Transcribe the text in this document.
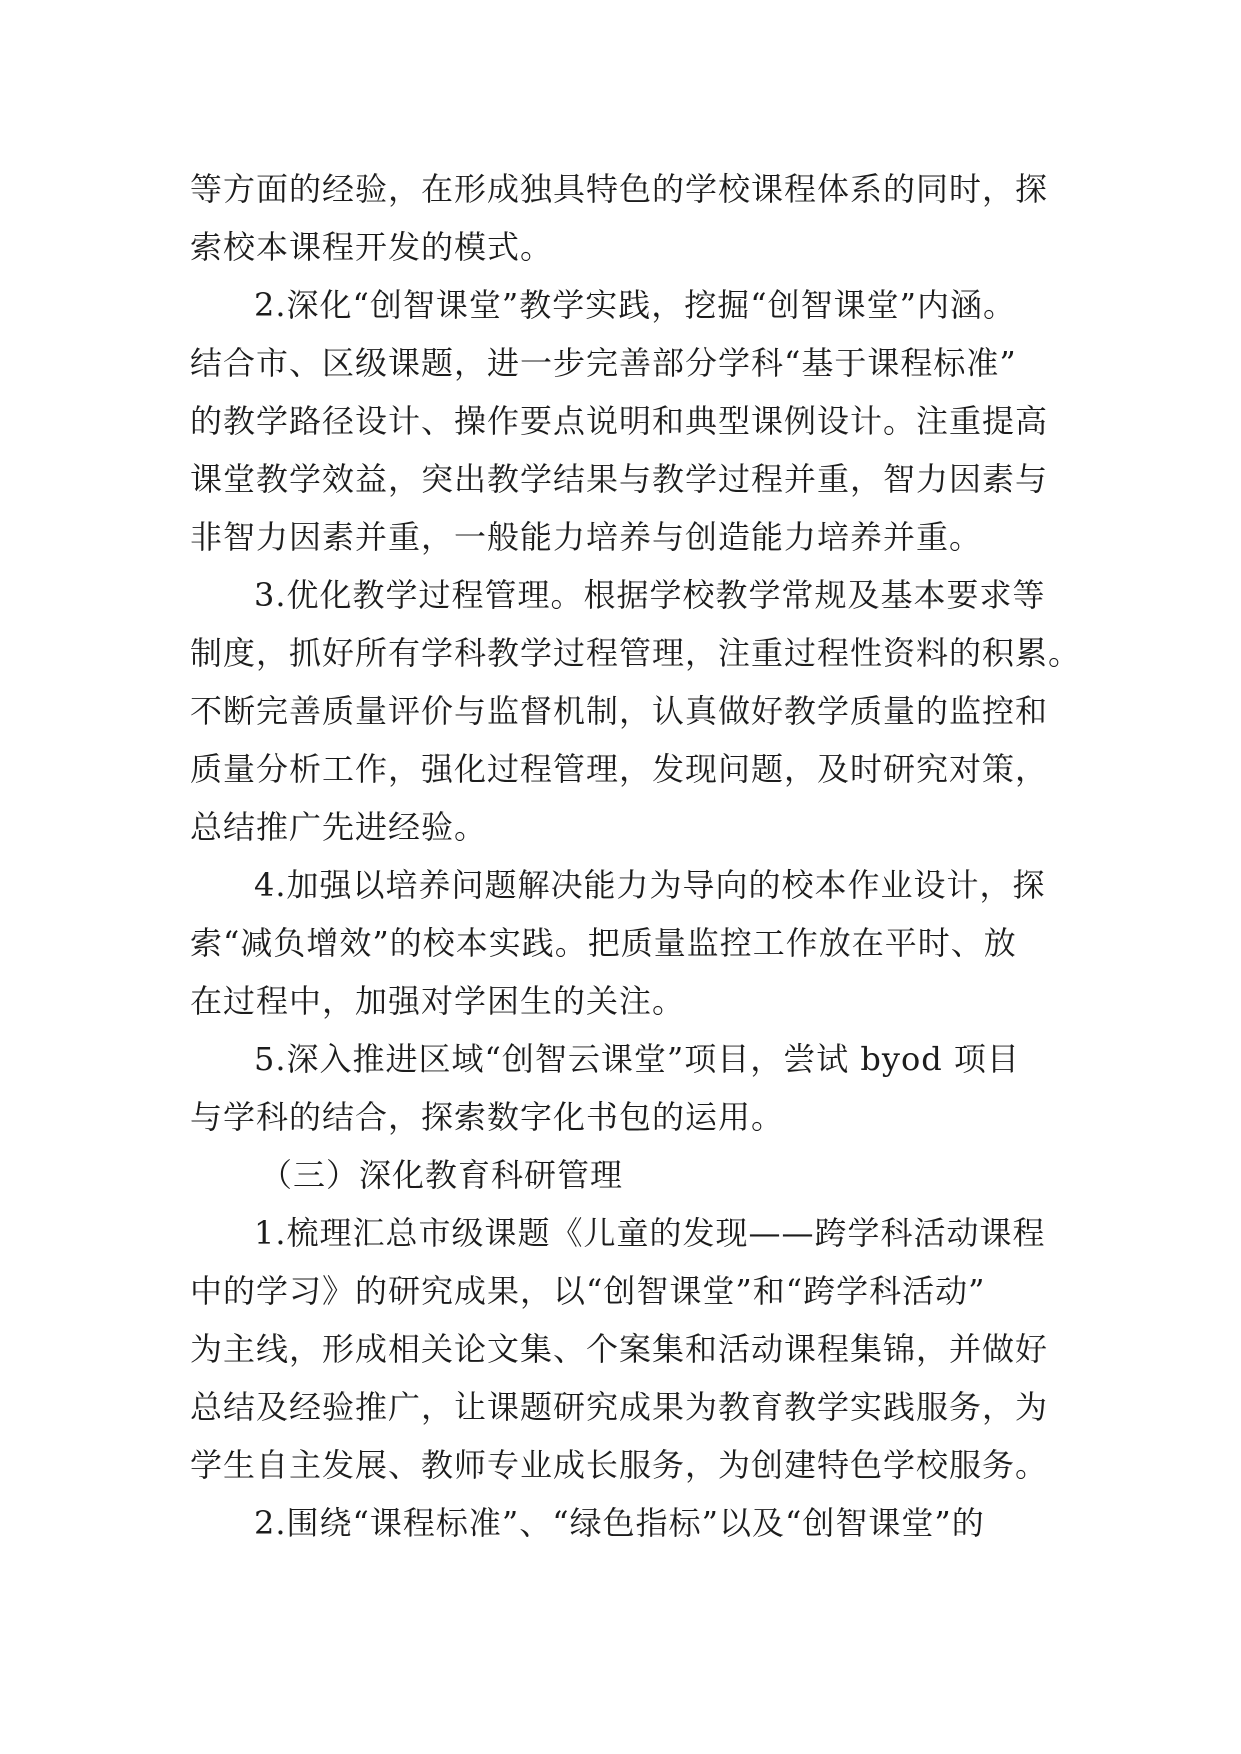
等方面的经验，在形成独具特色的学校课程体系的同时，探
索校本课程开发的模式。
2.深化“创智课堂”教学实践，挖掘“创智课堂”内涵。
结合市、区级课题，进一步完善部分学科“基于课程标准”
的教学路径设计、操作要点说明和典型课例设计。注重提高
课堂教学效益，突出教学结果与教学过程并重，智力因素与
非智力因素并重，一般能力培养与创造能力培养并重。
3.优化教学过程管理。根据学校教学常规及基本要求等
制度，抓好所有学科教学过程管理，注重过程性资料的积累。
不断完善质量评价与监督机制，认真做好教学质量的监控和
质量分析工作，强化过程管理，发现问题，及时研究对策，
总结推广先进经验。
4.加强以培养问题解决能力为导向的校本作业设计，探
索“减负增效”的校本实践。把质量监控工作放在平时、放
在过程中，加强对学困生的关注。
5.深入推进区域“创智云课堂”项目，尝试 byod 项目
与学科的结合，探索数字化书包的运用。
（三）深化教育科研管理
1.梳理汇总市级课题《儿童的发现——跨学科活动课程
中的学习》的研究成果，以“创智课堂”和“跨学科活动”
为主线，形成相关论文集、个案集和活动课程集锦，并做好
总结及经验推广，让课题研究成果为教育教学实践服务，为
学生自主发展、教师专业成长服务，为创建特色学校服务。
2.围绕“课程标准”、“绿色指标”以及“创智课堂”的
